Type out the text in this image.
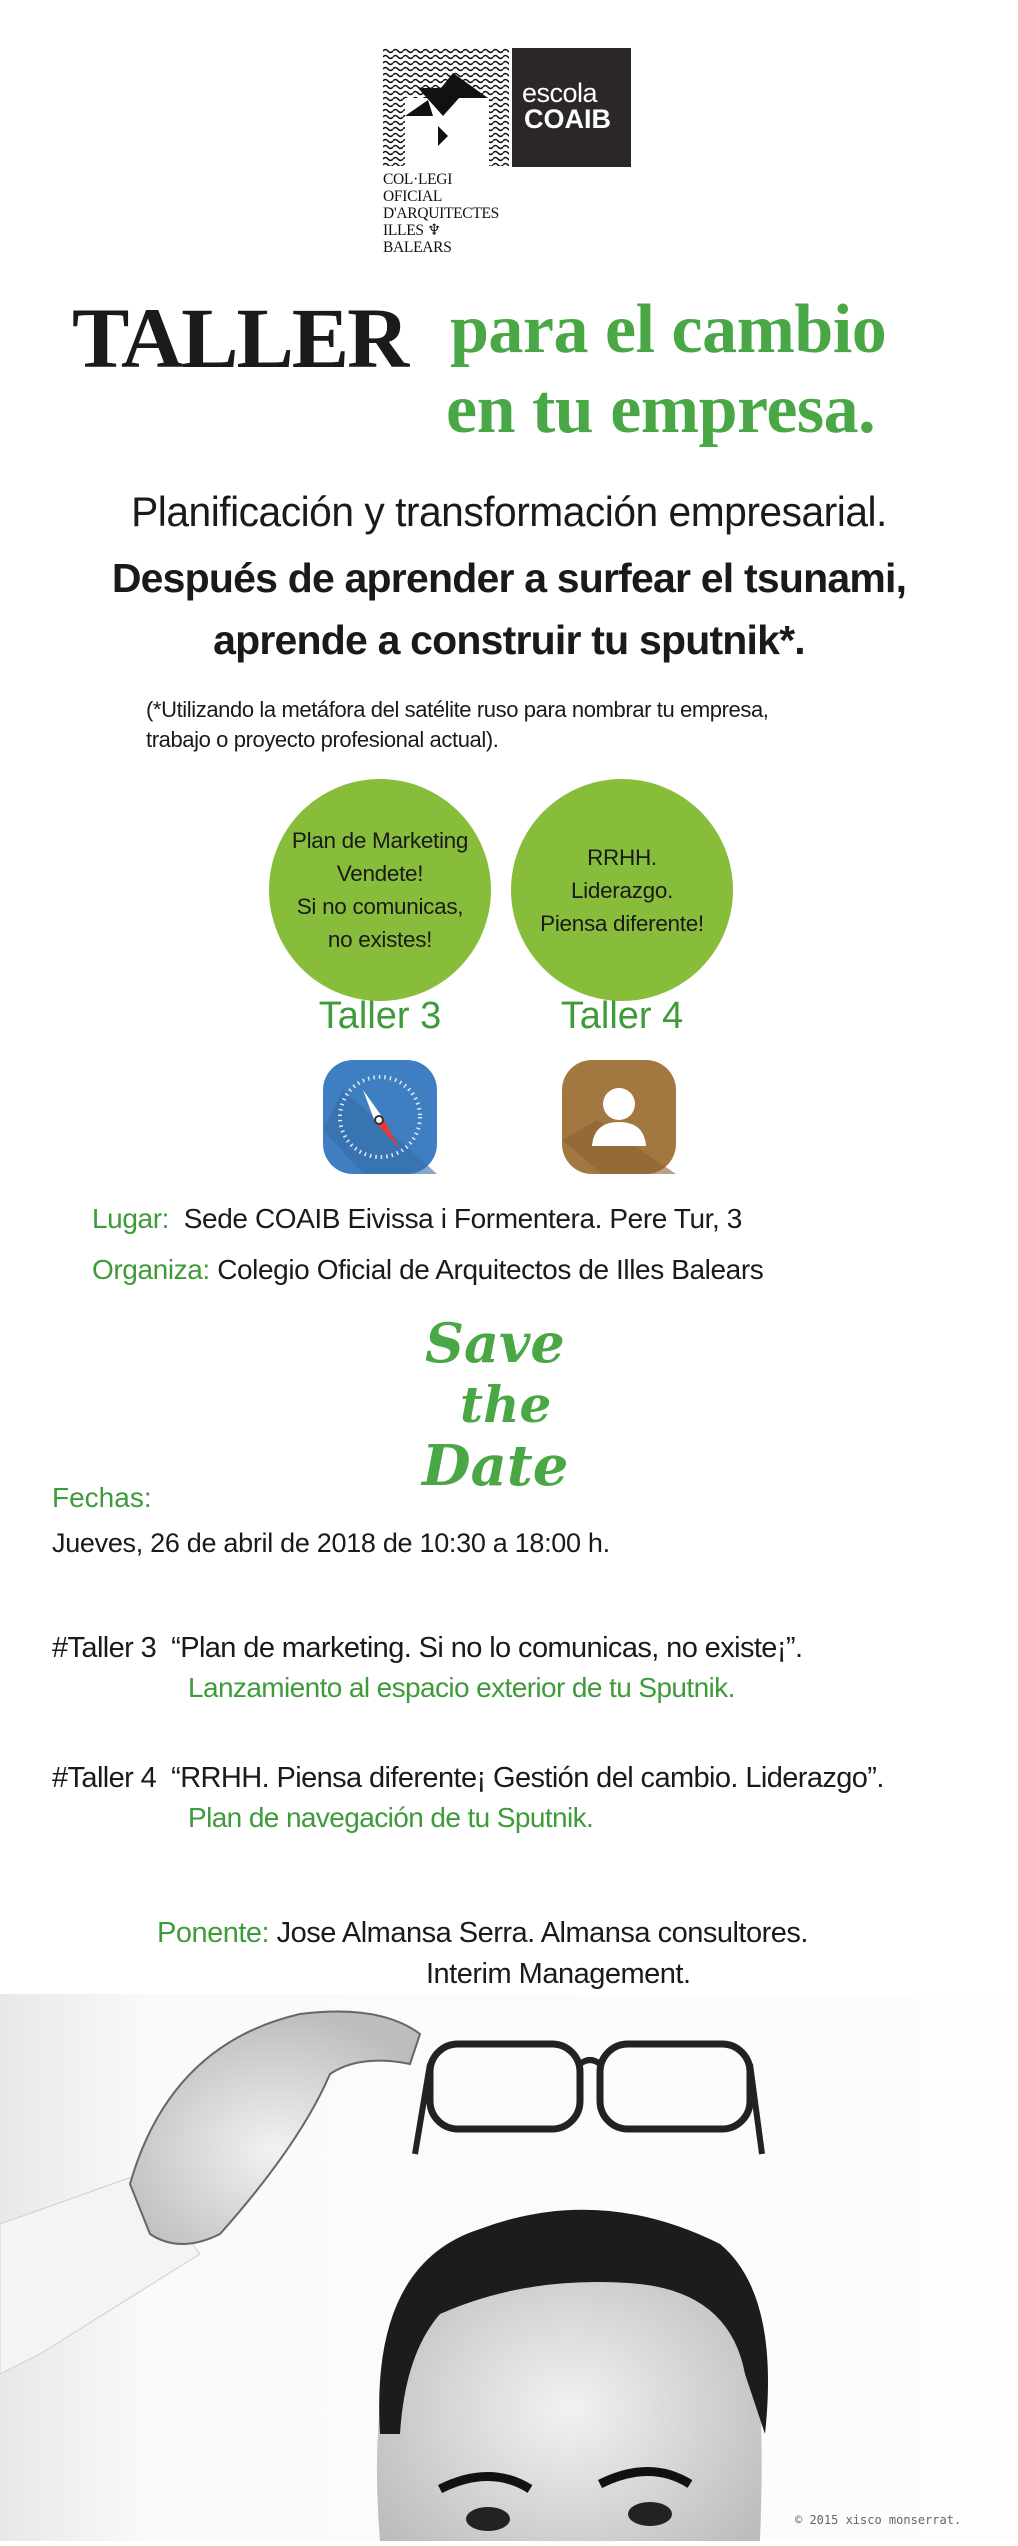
COL·LEGI OFICIAL
D'ARQUITECTES
ILLES ♆ BALEARS
escola
COAIB
TALLER para el cambio
en tu empresa.
Planificación y transformación empresarial.
Después de aprender a surfear el tsunami,
aprende a construir tu sputnik*.
(*Utilizando la metáfora del satélite ruso para nombrar tu empresa,
trabajo o proyecto profesional actual).
Plan de Marketing
Vendete!
Si no comunicas,
no existes!
RRHH.
Liderazgo.
Piensa diferente!
Taller 3	Taller 4
Lugar: Sede COAIB Eivissa i Formentera. Pere Tur, 3
Organiza: Colegio Oficial de Arquitectos de Illes Balears
Save
the
Date
Fechas:
Jueves, 26 de abril de 2018 de 10:30 a 18:00 h.
#Taller 3 “Plan de marketing. Si no lo comunicas, no existe¡”.
Lanzamiento al espacio exterior de tu Sputnik.
#Taller 4 “RRHH. Piensa diferente¡ Gestión del cambio. Liderazgo”.
Plan de navegación de tu Sputnik.
Ponente: Jose Almansa Serra. Almansa consultores.
Interim Management.
© 2015 xisco monserrat.
